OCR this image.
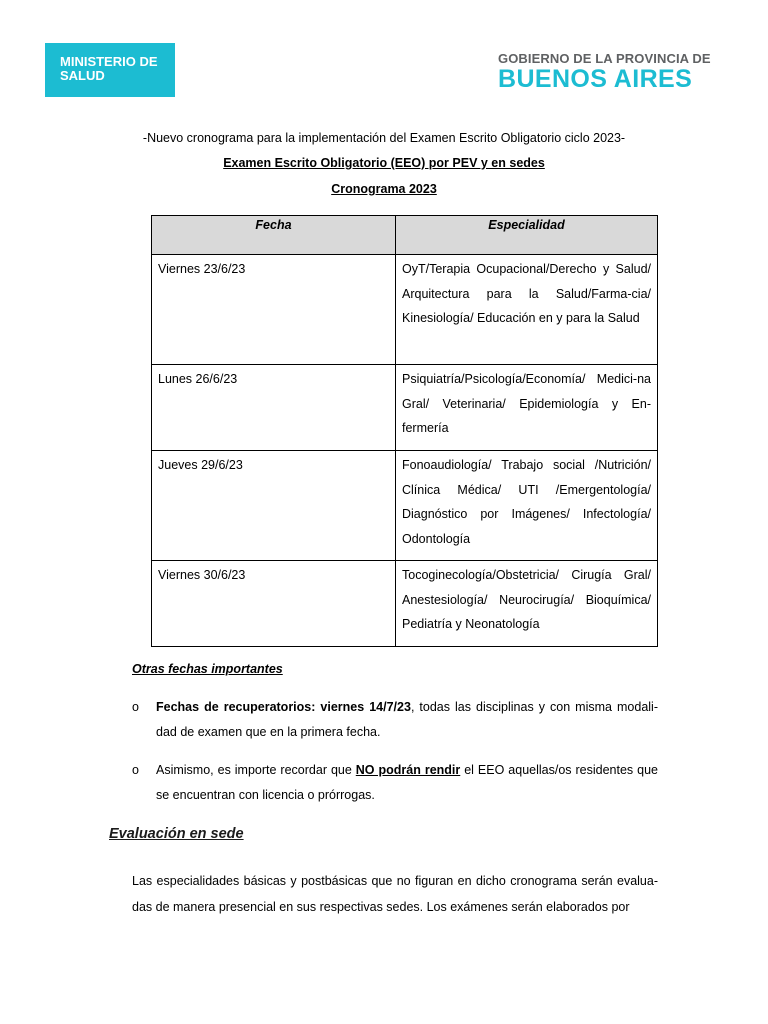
MINISTERIO DE
SALUD
GOBIERNO DE LA PROVINCIA DE
BUENOS AIRES
-Nuevo cronograma para la implementación del Examen Escrito Obligatorio ciclo 2023-
Examen Escrito Obligatorio (EEO) por PEV y en sedes
Cronograma 2023
Fecha	Especialidad
Viernes 23/6/23	OyT/Terapia Ocupacional/Derecho y Salud/ Arquitectura para la Salud/Farma-cia/ Kinesiología/ Educación en y para la Salud
Lunes 26/6/23	Psiquiatría/Psicología/Economía/ Medici-na Gral/ Veterinaria/ Epidemiología y En-fermería
Jueves 29/6/23	Fonoaudiología/ Trabajo social /Nutrición/ Clínica Médica/ UTI /Emergentología/ Diagnóstico por Imágenes/ Infectología/ Odontología
Viernes 30/6/23	Tocoginecología/Obstetricia/ Cirugía Gral/ Anestesiología/ Neurocirugía/ Bioquímica/ Pediatría y Neonatología
Otras fechas importantes
o	Fechas de recuperatorios: viernes 14/7/23, todas las disciplinas y con misma modali-dad de examen que en la primera fecha.
o	Asimismo, es importe recordar que NO podrán rendir el EEO aquellas/os residentes que se encuentran con licencia o prórrogas.
Evaluación en sede
Las especialidades básicas y postbásicas que no figuran en dicho cronograma serán evalua-das de manera presencial en sus respectivas sedes. Los exámenes serán elaborados por
